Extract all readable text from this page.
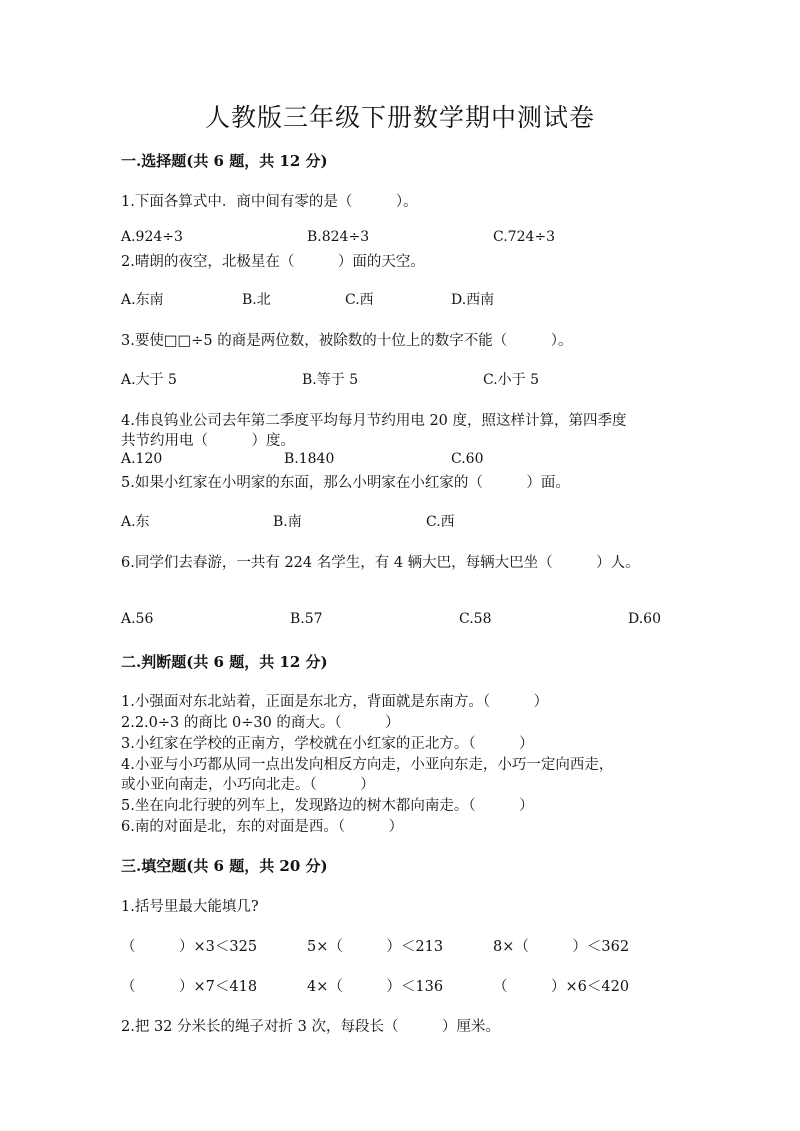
人教版三年级下册数学期中测试卷
一.选择题(共 6 题，共 12 分)
1.下面各算式中．商中间有零的是（　　　）。
A.924÷3	B.824÷3	C.724÷3
2.晴朗的夜空，北极星在（　　　）面的天空。
A.东南	B.北	C.西	D.西南
3.要使□□÷5 的商是两位数，被除数的十位上的数字不能（　　　）。
A.大于 5	B.等于 5	C.小于 5
4.伟良钨业公司去年第二季度平均每月节约用电 20 度，照这样计算，第四季度
共节约用电（　　　）度。
A.120	B.1840	C.60
5.如果小红家在小明家的东面，那么小明家在小红家的（　　　）面。
A.东	B.南	C.西
6.同学们去春游，一共有 224 名学生，有 4 辆大巴，每辆大巴坐（　　　）人。
A.56	B.57	C.58	D.60
二.判断题(共 6 题，共 12 分)
1.小强面对东北站着，正面是东北方，背面就是东南方。（　　　）
2.2.0÷3 的商比 0÷30 的商大。（　　　）
3.小红家在学校的正南方，学校就在小红家的正北方。（　　　）
4.小亚与小巧都从同一点出发向相反方向走，小亚向东走，小巧一定向西走，
或小亚向南走，小巧向北走。（　　　）
5.坐在向北行驶的列车上，发现路边的树木都向南走。（　　　）
6.南的对面是北，东的对面是西。（　　　）
三.填空题(共 6 题，共 20 分)
1.括号里最大能填几?
（　　　）×3＜325	5×（　　　）＜213	8×（　　　）＜362
（　　　）×7＜418	4×（　　　）＜136	（　　　）×6＜420
2.把 32 分米长的绳子对折 3 次，每段长（　　　）厘米。
